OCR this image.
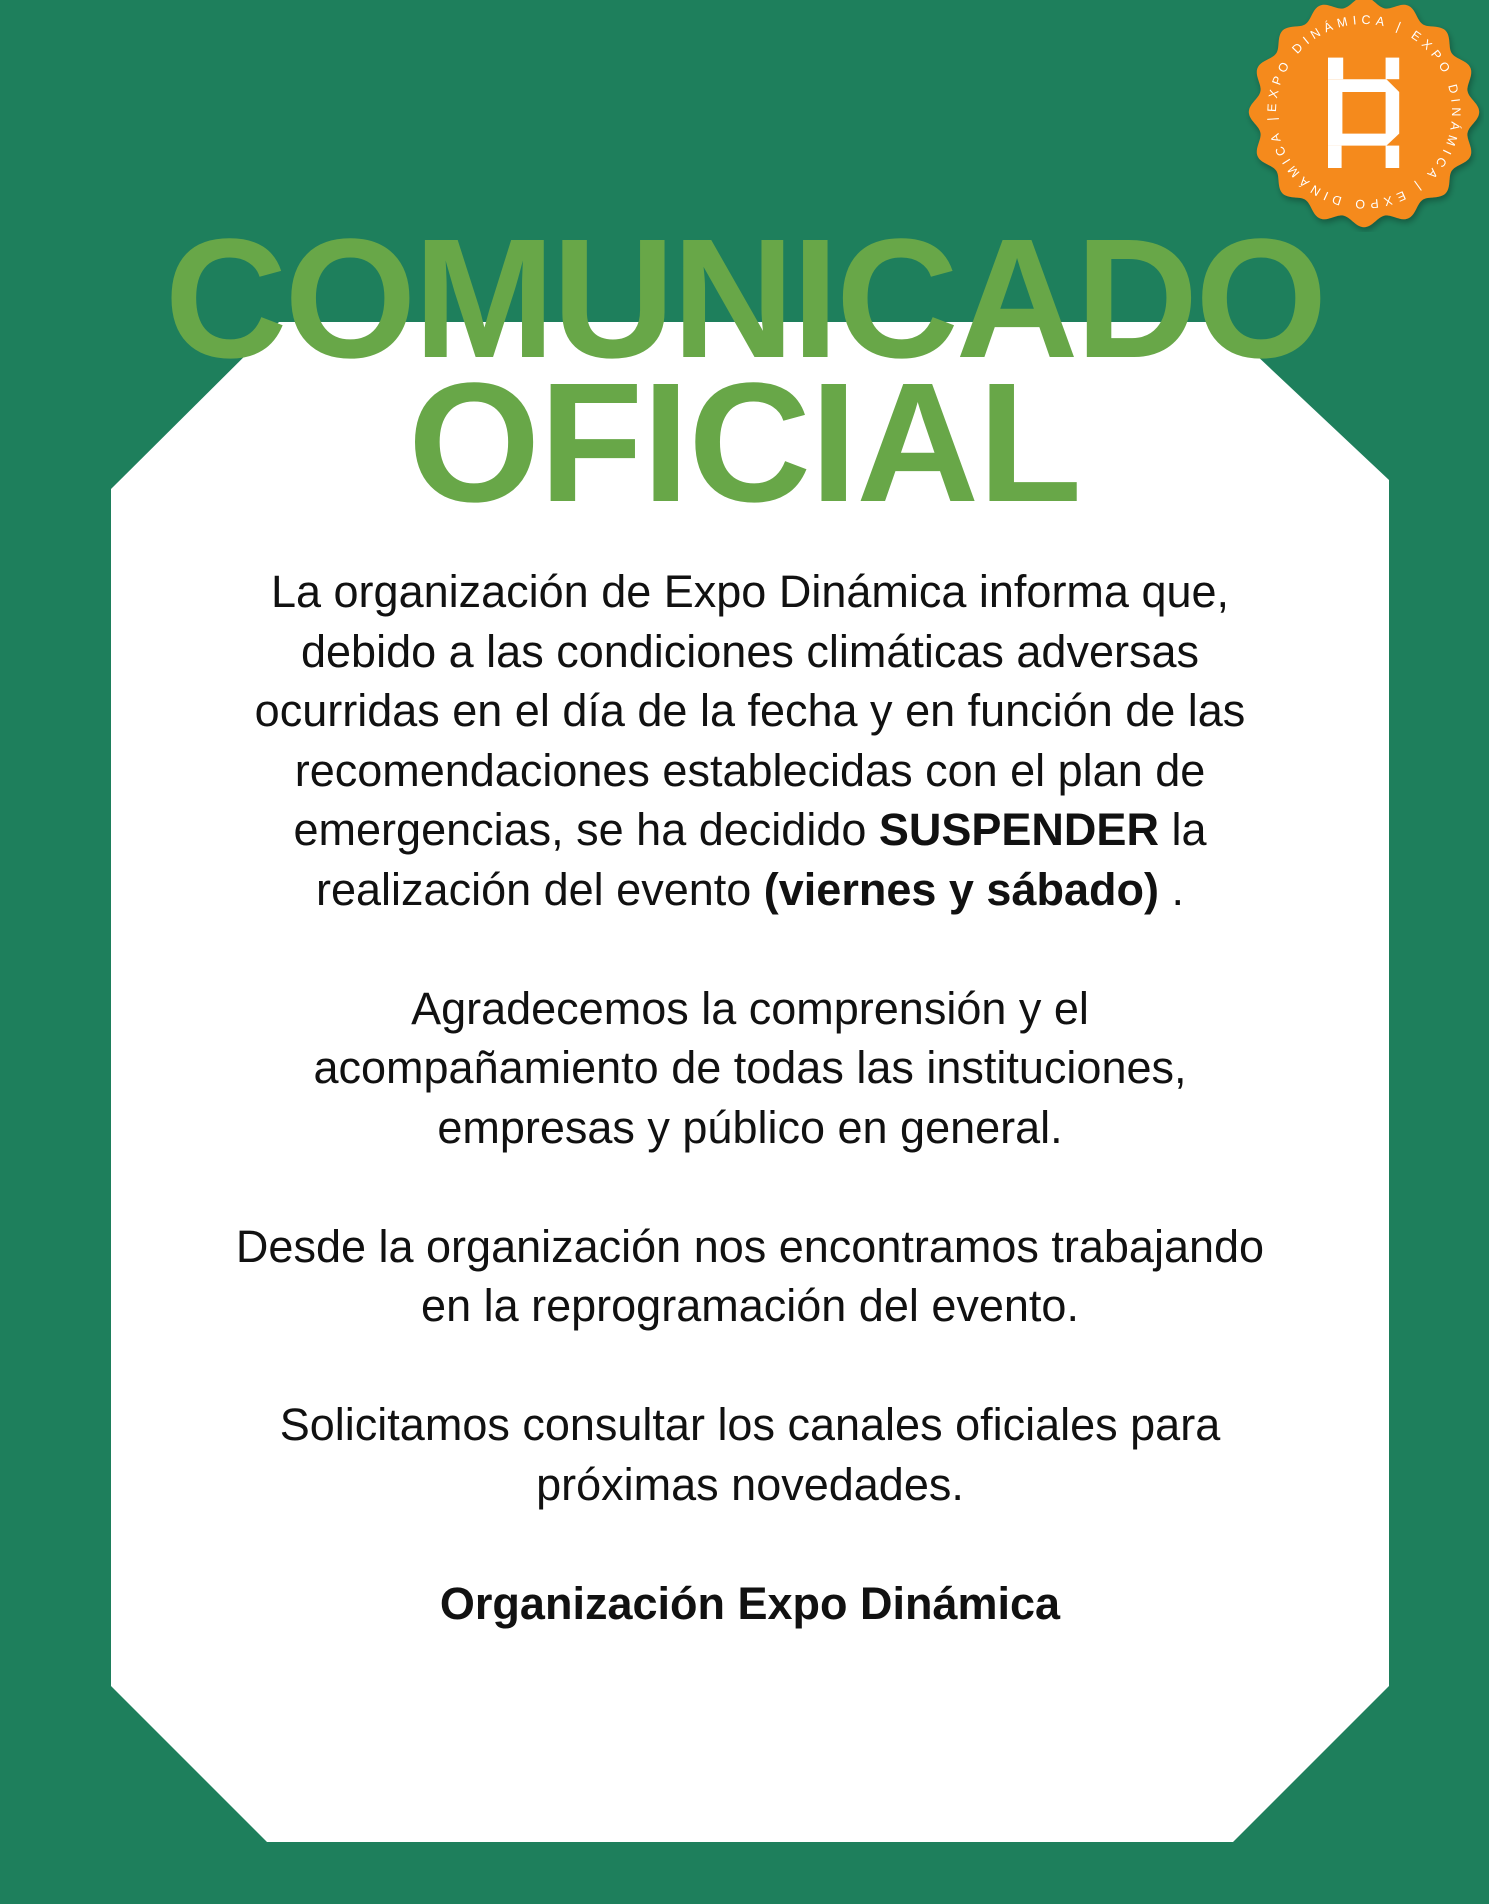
COMUNICADO
OFICIAL
La organización de Expo Dinámica informa que,
debido a las condiciones climáticas adversas
ocurridas en el día de la fecha y en función de las
recomendaciones establecidas con el plan de
emergencias, se ha decidido SUSPENDER la
realización del evento (viernes y sábado) .
Agradecemos la comprensión y el
acompañamiento de todas las instituciones,
empresas y público en general.
Desde la organización nos encontramos trabajando
en la reprogramación del evento.
Solicitamos consultar los canales oficiales para
próximas novedades.
Organización Expo Dinámica
EXPO DINÁMICA | EXPO DINÁMICA | EXPO DINÁMICA |
